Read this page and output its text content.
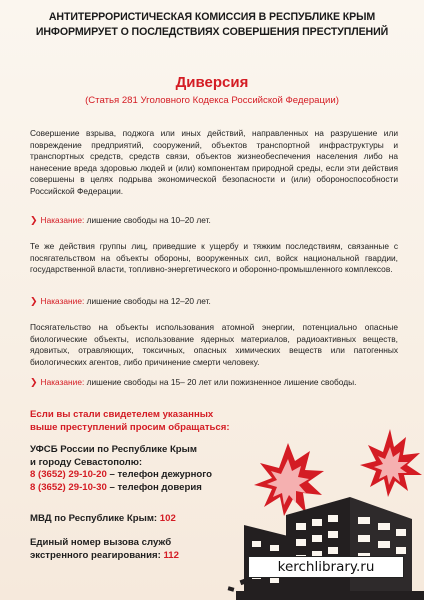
АНТИТЕРРОРИСТИЧЕСКАЯ КОМИССИЯ В РЕСПУБЛИКЕ КРЫМ
ИНФОРМИРУЕТ О ПОСЛЕДСТВИЯХ СОВЕРШЕНИЯ ПРЕСТУПЛЕНИЙ
Диверсия
(Статья 281 Уголовного Кодекса Российской Федерации)
Совершение взрыва, поджога или иных действий, направленных на разрушение или повреждение предприятий, сооружений, объектов транспортной инфраструктуры и транспортных средств, средств связи, объектов жизнеобеспечения населения либо на нанесение вреда здоровью людей и (или) компонентам природной среды, если эти действия совершены в целях подрыва экономической безопасности и (или) обороноспособности Российской Федерации.
❯ Наказание: лишение свободы на 10–20 лет.
Те же действия группы лиц, приведшие к ущербу и тяжким последствиям, связанные с посягательством на объекты обороны, вооруженных сил, войск национальной гвардии, государственной власти, топливно-энергетического и оборонно-промышленного комплексов.
❯ Наказание: лишение свободы на 12–20 лет.
Посягательство на объекты использования атомной энергии, потенциально опасные биологические объекты, использование ядерных материалов, радиоактивных веществ, ядовитых, отравляющих, токсичных, опасных химических веществ или патогенных биологических агентов, либо причинение смерти человеку.
❯ Наказание: лишение свободы на 15– 20 лет или пожизненное лишение свободы.
Если вы стали свидетелем указанных
выше преступлений просим обращаться:
УФСБ России по Республике Крым
и городу Севастополю:
8 (3652) 29-10-20 – телефон дежурного
8 (3652) 29-10-30 – телефон доверия
МВД по Республике Крым: 102
Единый номер вызова служб
экстренного реагирования: 112
kerchlibrary.ru
